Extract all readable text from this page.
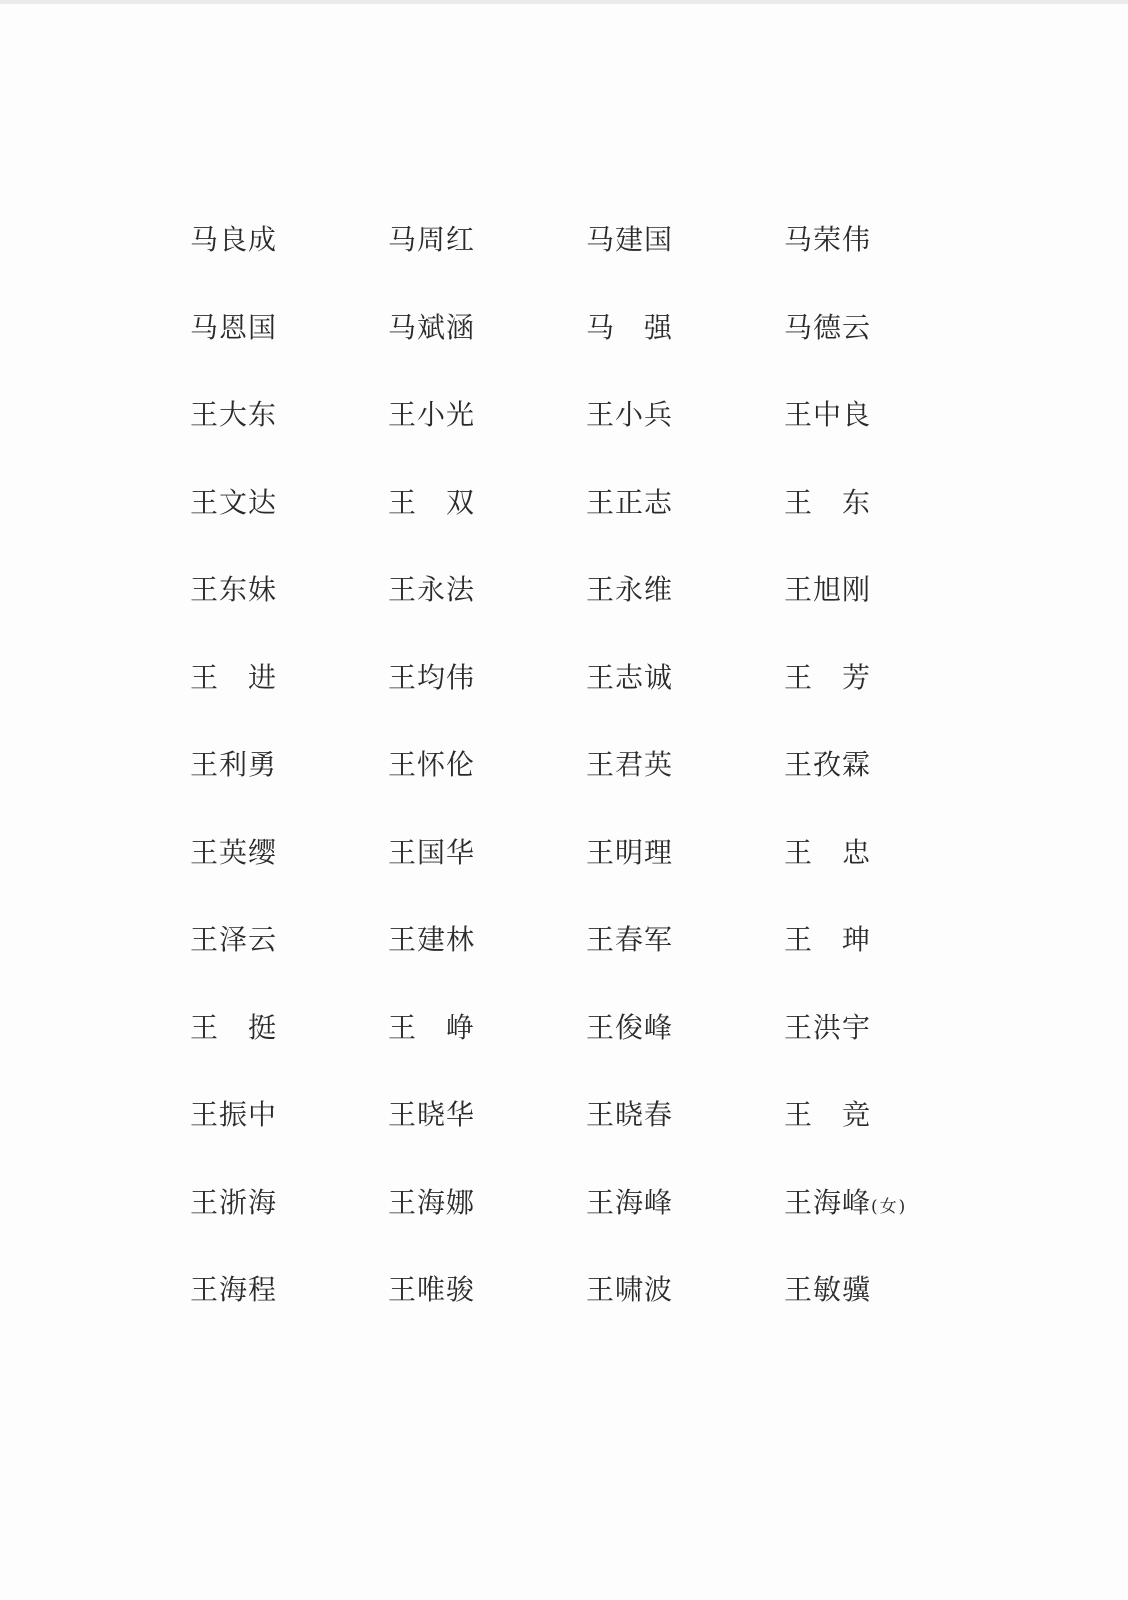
马良成	马周红	马建国	马荣伟
马恩国	马斌涵	马　强	马德云
王大东	王小光	王小兵	王中良
王文达	王　双	王正志	王　东
王东妹	王永法	王永维	王旭刚
王　进	王均伟	王志诚	王　芳
王利勇	王怀伦	王君英	王孜霖
王英缨	王国华	王明理	王　忠
王泽云	王建林	王春军	王　珅
王　挺	王　峥	王俊峰	王洪宇
王振中	王晓华	王晓春	王　竞
王浙海	王海娜	王海峰	王海峰(女)
王海程	王唯骏	王啸波	王敏骥
